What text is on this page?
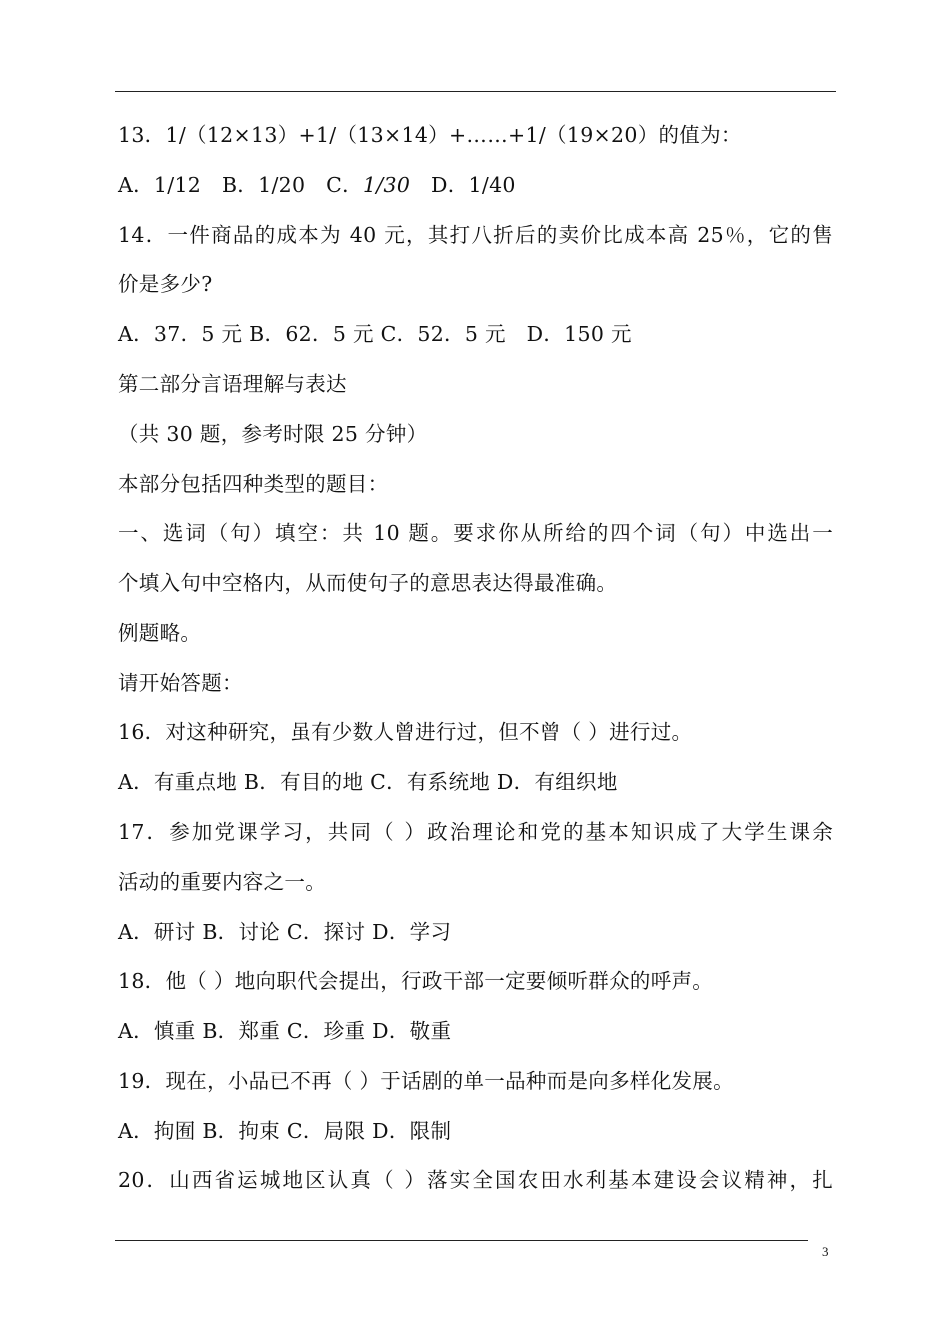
13．1/（12×13）+1/（13×14）+……+1/（19×20）的值为：
A．1/12　B．1/20　C．1/30　D．1/40
14．一件商品的成本为 40 元，其打八折后的卖价比成本高 25％，它的售
价是多少?
A．37．5 元 B．62．5 元 C．52．5 元　D．150 元
第二部分言语理解与表达
（共 30 题，参考时限 25 分钟）
本部分包括四种类型的题目：
一、选词（句）填空：共 10 题。要求你从所给的四个词（句）中选出一
个填入句中空格内，从而使句子的意思表达得最准确。
例题略。
请开始答题：
16．对这种研究，虽有少数人曾进行过，但不曾（ ）进行过。
A．有重点地 B．有目的地 C．有系统地 D．有组织地
17．参加党课学习，共同（ ）政治理论和党的基本知识成了大学生课余
活动的重要内容之一。
A．研讨 B．讨论 C．探讨 D．学习
18．他（ ）地向职代会提出，行政干部一定要倾听群众的呼声。
A．慎重 B．郑重 C．珍重 D．敬重
19．现在，小品已不再（ ）于话剧的单一品种而是向多样化发展。
A．拘囿 B．拘束 C．局限 D．限制
20．山西省运城地区认真（ ）落实全国农田水利基本建设会议精神，扎
3
